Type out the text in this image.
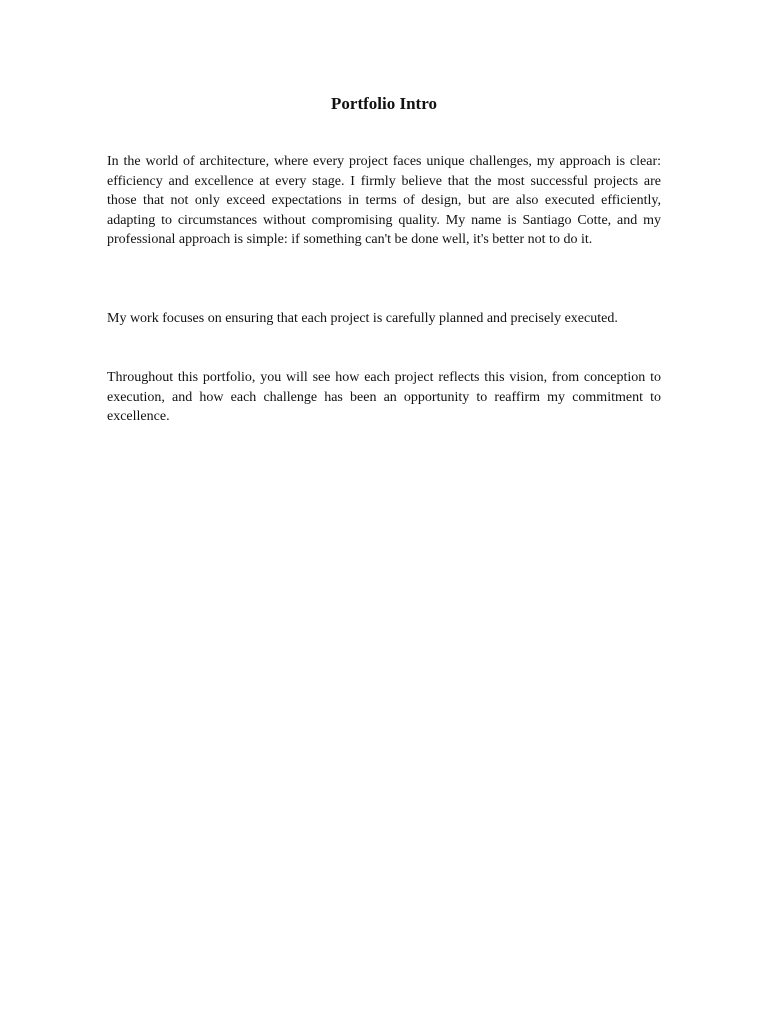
Portfolio Intro

In the world of architecture, where every project faces unique challenges, my approach is clear: efficiency and excellence at every stage. I firmly believe that the most successful projects are those that not only exceed expectations in terms of design, but are also executed efficiently, adapting to circumstances without compromising quality. My name is Santiago Cotte, and my professional approach is simple: if something can't be done well, it's better not to do it.

My work focuses on ensuring that each project is carefully planned and precisely executed.

Throughout this portfolio, you will see how each project reflects this vision, from conception to execution, and how each challenge has been an opportunity to reaffirm my commitment to excellence.
